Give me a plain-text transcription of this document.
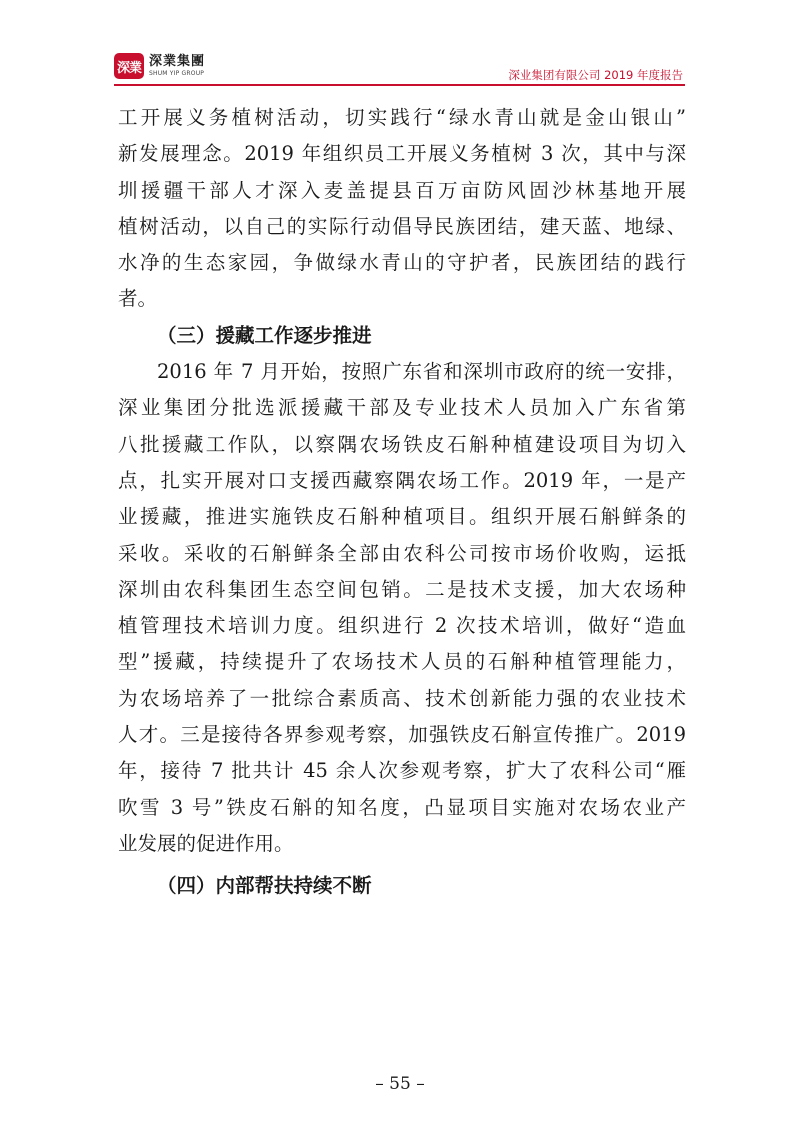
深業 深業集團
SHUM YIP GROUP	深业集团有限公司 2019 年度报告
工开展义务植树活动，切实践行“绿水青山就是金山银山”
新发展理念。2019 年组织员工开展义务植树 3 次，其中与深
圳援疆干部人才深入麦盖提县百万亩防风固沙林基地开展
植树活动，以自己的实际行动倡导民族团结，建天蓝、地绿、
水净的生态家园，争做绿水青山的守护者，民族团结的践行
者。
（三）援藏工作逐步推进
2016 年 7 月开始，按照广东省和深圳市政府的统一安排，
深业集团分批选派援藏干部及专业技术人员加入广东省第
八批援藏工作队，以察隅农场铁皮石斛种植建设项目为切入
点，扎实开展对口支援西藏察隅农场工作。2019 年，一是产
业援藏，推进实施铁皮石斛种植项目。组织开展石斛鲜条的
采收。采收的石斛鲜条全部由农科公司按市场价收购，运抵
深圳由农科集团生态空间包销。二是技术支援，加大农场种
植管理技术培训力度。组织进行 2 次技术培训，做好“造血
型”援藏，持续提升了农场技术人员的石斛种植管理能力，
为农场培养了一批综合素质高、技术创新能力强的农业技术
人才。三是接待各界参观考察，加强铁皮石斛宣传推广。2019
年，接待 7 批共计 45 余人次参观考察，扩大了农科公司“雁
吹雪 3 号”铁皮石斛的知名度，凸显项目实施对农场农业产
业发展的促进作用。
（四）内部帮扶持续不断
– 55 –
